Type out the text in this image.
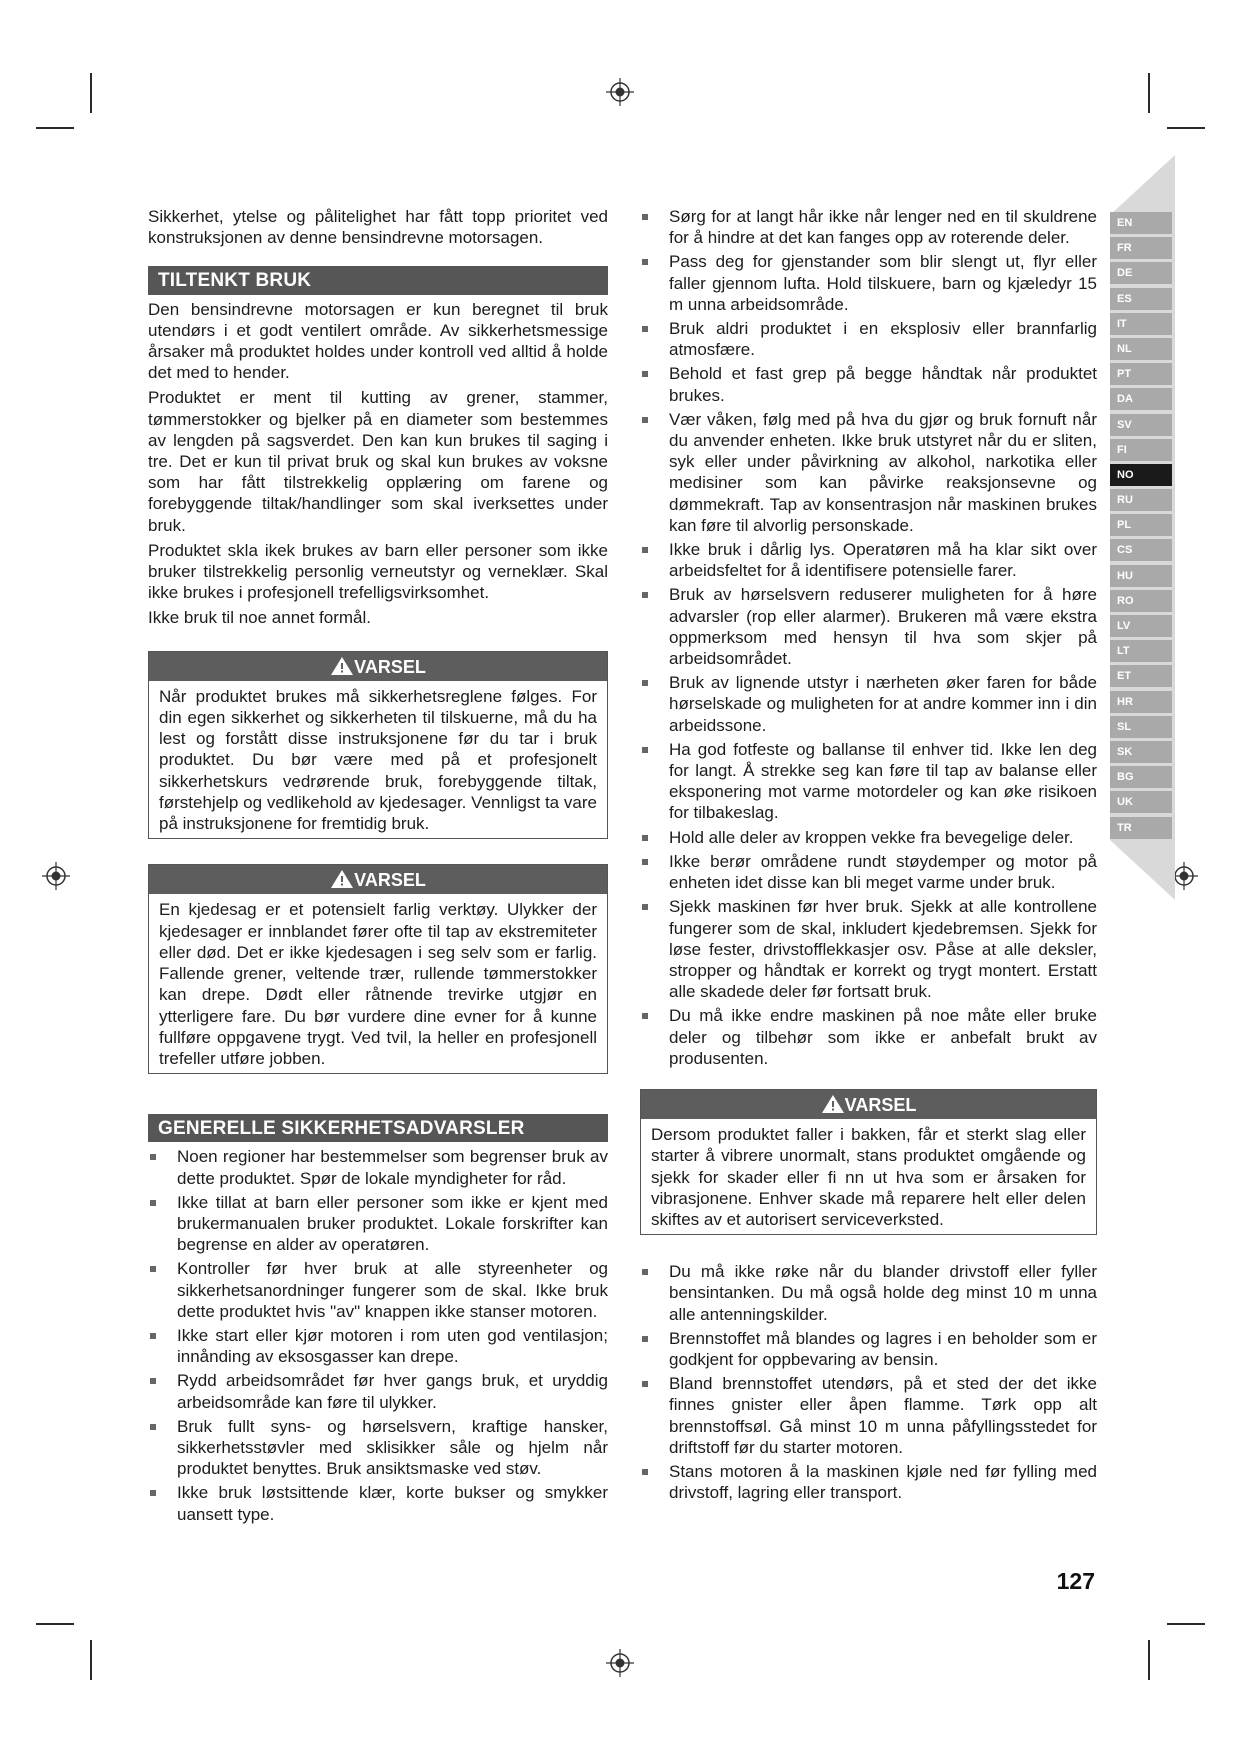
EN
FR
DE
ES
IT
NL
PT
DA
SV
FI
NO
RU
PL
CS
HU
RO
LV
LT
ET
HR
SL
SK
BG
UK
TR

Sikkerhet, ytelse og pålitelighet har fått topp prioritet ved konstruksjonen av denne bensindrevne motorsagen.

TILTENKT BRUK

Den bensindrevne motorsagen er kun beregnet til bruk utendørs i et godt ventilert område. Av sikkerhetsmessige årsaker må produktet holdes under kontroll ved alltid å holde det med to hender.

Produktet er ment til kutting av grener, stammer, tømmerstokker og bjelker på en diameter som bestemmes av lengden på sagsverdet. Den kan kun brukes til saging i tre. Det er kun til privat bruk og skal kun brukes av voksne som har fått tilstrekkelig opplæring om farene og forebyggende tiltak/handlinger som skal iverksettes under bruk.

Produktet skla ikek brukes av barn eller personer som ikke bruker tilstrekkelig personlig verneutstyr og verneklær. Skal ikke brukes i profesjonell trefelligsvirksomhet.

Ikke bruk til noe annet formål.

VARSEL
Når produktet brukes må sikkerhetsreglene følges. For din egen sikkerhet og sikkerheten til tilskuerne, må du ha lest og forstått disse instruksjonene før du tar i bruk produktet. Du bør være med på et profesjonelt sikkerhetskurs vedrørende bruk, forebyggende tiltak, førstehjelp og vedlikehold av kjedesager. Vennligst ta vare på instruksjonene for fremtidig bruk.
VARSEL
En kjedesag er et potensielt farlig verktøy. Ulykker der kjedesager er innblandet fører ofte til tap av ekstremiteter eller død. Det er ikke kjedesagen i seg selv som er farlig. Fallende grener, veltende trær, rullende tømmerstokker kan drepe. Dødt eller råtnende trevirke utgjør en ytterligere fare. Du bør vurdere dine evner for å kunne fullføre oppgavene trygt. Ved tvil, la heller en profesjonell trefeller utføre jobben.
GENERELLE SIKKERHETSADVARSLER
Noen regioner har bestemmelser som begrenser bruk av dette produktet. Spør de lokale myndigheter for råd.
Ikke tillat at barn eller personer som ikke er kjent med brukermanualen bruker produktet. Lokale forskrifter kan begrense en alder av operatøren.
Kontroller før hver bruk at alle styreenheter og sikkerhetsanordninger fungerer som de skal. Ikke bruk dette produktet hvis "av" knappen ikke stanser motoren.
Ikke start eller kjør motoren i rom uten god ventilasjon; innånding av eksosgasser kan drepe.
Rydd arbeidsområdet før hver gangs bruk, et uryddig arbeidsområde kan føre til ulykker.
Bruk fullt syns- og hørselsvern, kraftige hansker, sikkerhetsstøvler med sklisikker såle og hjelm når produktet benyttes. Bruk ansiktsmaske ved støv.
Ikke bruk løstsittende klær, korte bukser og smykker uansett type.
Sørg for at langt hår ikke når lenger ned en til skuldrene for å hindre at det kan fanges opp av roterende deler.
Pass deg for gjenstander som blir slengt ut, flyr eller faller gjennom lufta. Hold tilskuere, barn og kjæledyr 15 m unna arbeidsområde.
Bruk aldri produktet i en eksplosiv eller brannfarlig atmosfære.
Behold et fast grep på begge håndtak når produktet brukes.
Vær våken, følg med på hva du gjør og bruk fornuft når du anvender enheten. Ikke bruk utstyret når du er sliten, syk eller under påvirkning av alkohol, narkotika eller medisiner som kan påvirke reaksjonsevne og dømmekraft. Tap av konsentrasjon når maskinen brukes kan føre til alvorlig personskade.
Ikke bruk i dårlig lys. Operatøren må ha klar sikt over arbeidsfeltet for å identifisere potensielle farer.
Bruk av hørselsvern reduserer muligheten for å høre advarsler (rop eller alarmer). Brukeren må være ekstra oppmerksom med hensyn til hva som skjer på arbeidsområdet.
Bruk av lignende utstyr i nærheten øker faren for både hørselskade og muligheten for at andre kommer inn i din arbeidssone.
Ha god fotfeste og ballanse til enhver tid. Ikke len deg for langt. Å strekke seg kan føre til tap av balanse eller eksponering mot varme motordeler og kan øke risikoen for tilbakeslag.
Hold alle deler av kroppen vekke fra bevegelige deler.
Ikke berør områdene rundt støydemper og motor på enheten idet disse kan bli meget varme under bruk.
Sjekk maskinen før hver bruk. Sjekk at alle kontrollene fungerer som de skal, inkludert kjedebremsen. Sjekk for løse fester, drivstofflekkasjer osv. Påse at alle deksler, stropper og håndtak er korrekt og trygt montert. Erstatt alle skadede deler før fortsatt bruk.
Du må ikke endre maskinen på noe måte eller bruke deler og tilbehør som ikke er anbefalt brukt av produsenten.
VARSEL
Dersom produktet faller i bakken, får et sterkt slag eller starter å vibrere unormalt, stans produktet omgående og sjekk for skader eller fi nn ut hva som er årsaken for vibrasjonene. Enhver skade må reparere helt eller delen skiftes av et autorisert serviceverksted.
Du må ikke røke når du blander drivstoff eller fyller bensintanken. Du må også holde deg minst 10 m unna alle antenningskilder.
Brennstoffet må blandes og lagres i en beholder som er godkjent for oppbevaring av bensin.
Bland brennstoffet utendørs, på et sted der det ikke finnes gnister eller åpen flamme. Tørk opp alt brennstoffsøl. Gå minst 10 m unna påfyllingsstedet for driftstoff før du starter motoren.
Stans motoren å la maskinen kjøle ned før fylling med drivstoff, lagring eller transport.
127
